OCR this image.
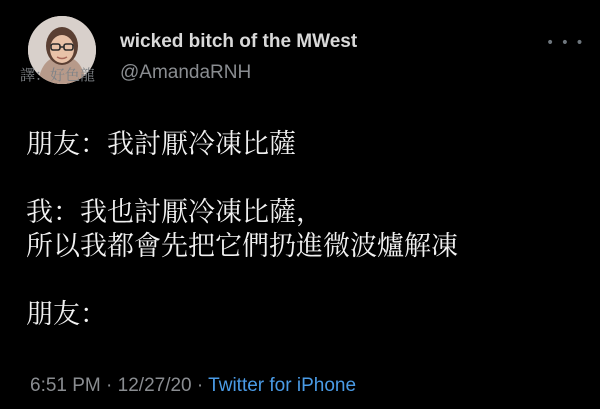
wicked bitch of the MWest
@AmandaRNH
• • •
譯：好色龍
朋友：我討厭冷凍比薩
我：我也討厭冷凍比薩，
所以我都會先把它們扔進微波爐解凍
朋友：
6:51 PM · 12/27/20 · Twitter for iPhone
